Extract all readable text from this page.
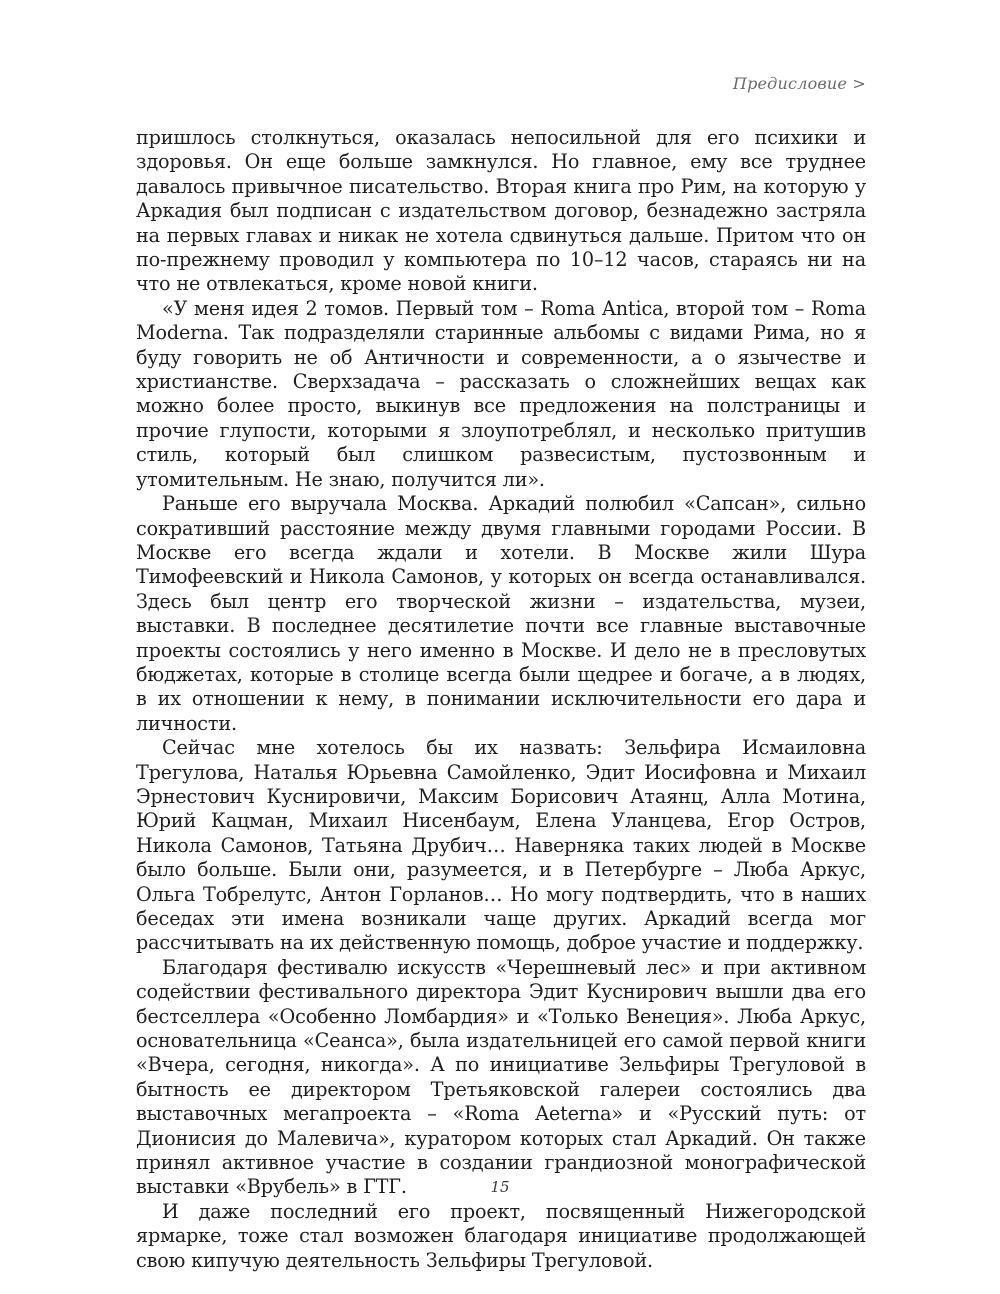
Предисловие >

пришлось столкнуться, оказалась непосильной для его психики и здоровья. Он еще больше замкнулся. Но главное, ему все труднее давалось привычное писательство. Вторая книга про Рим, на которую у Аркадия был подписан с издательством договор, безнадежно застряла на первых главах и никак не хотела сдвинуться дальше. Притом что он по-прежнему проводил у компьютера по 10–12 часов, стараясь ни на что не отвлекаться, кроме новой книги.

«У меня идея 2 томов. Первый том – Roma Antica, второй том – Roma Moderna. Так подразделяли старинные альбомы с видами Рима, но я буду говорить не об Античности и современности, а о язычестве и христианстве. Сверхзадача – рассказать о сложнейших вещах как можно более просто, выкинув все предложения на полстраницы и прочие глупости, которыми я злоупотреблял, и несколько притушив стиль, который был слишком развесистым, пустозвонным и утомительным. Не знаю, получится ли».

Раньше его выручала Москва. Аркадий полюбил «Сапсан», сильно сокративший расстояние между двумя главными городами России. В Москве его всегда ждали и хотели. В Москве жили Шура Тимофеевский и Никола Самонов, у которых он всегда останавливался. Здесь был центр его творческой жизни – издательства, музеи, выставки. В последнее десятилетие почти все главные выставочные проекты состоялись у него именно в Москве. И дело не в пресловутых бюджетах, которые в столице всегда были щедрее и богаче, а в людях, в их отношении к нему, в понимании исключительности его дара и личности.

Сейчас мне хотелось бы их назвать: Зельфира Исмаиловна Трегулова, Наталья Юрьевна Самойленко, Эдит Иосифовна и Михаил Эрнестович Куснировичи, Максим Борисович Атаянц, Алла Мотина, Юрий Кацман, Михаил Нисенбаум, Елена Уланцева, Егор Остров, Никола Самонов, Татьяна Друбич… Наверняка таких людей в Москве было больше. Были они, разумеется, и в Петербурге – Люба Аркус, Ольга Тобрелутс, Антон Горланов… Но могу подтвердить, что в наших беседах эти имена возникали чаще других. Аркадий всегда мог рассчитывать на их действенную помощь, доброе участие и поддержку.

Благодаря фестивалю искусств «Черешневый лес» и при активном содействии фестивального директора Эдит Куснирович вышли два его бестселлера «Особенно Ломбардия» и «Только Венеция». Люба Аркус, основательница «Сеанса», была издательницей его самой первой книги «Вчера, сегодня, никогда». А по инициативе Зельфиры Трегуловой в бытность ее директором Третьяковской галереи состоялись два выставочных мегапроекта – «Roma Aeterna» и «Русский путь: от Дионисия до Малевича», куратором которых стал Аркадий. Он также принял активное участие в создании грандиозной монографической выставки «Врубель» в ГТГ.

И даже последний его проект, посвященный Нижегородской ярмарке, тоже стал возможен благодаря инициативе продолжающей свою кипучую деятельность Зельфиры Трегуловой.

15
